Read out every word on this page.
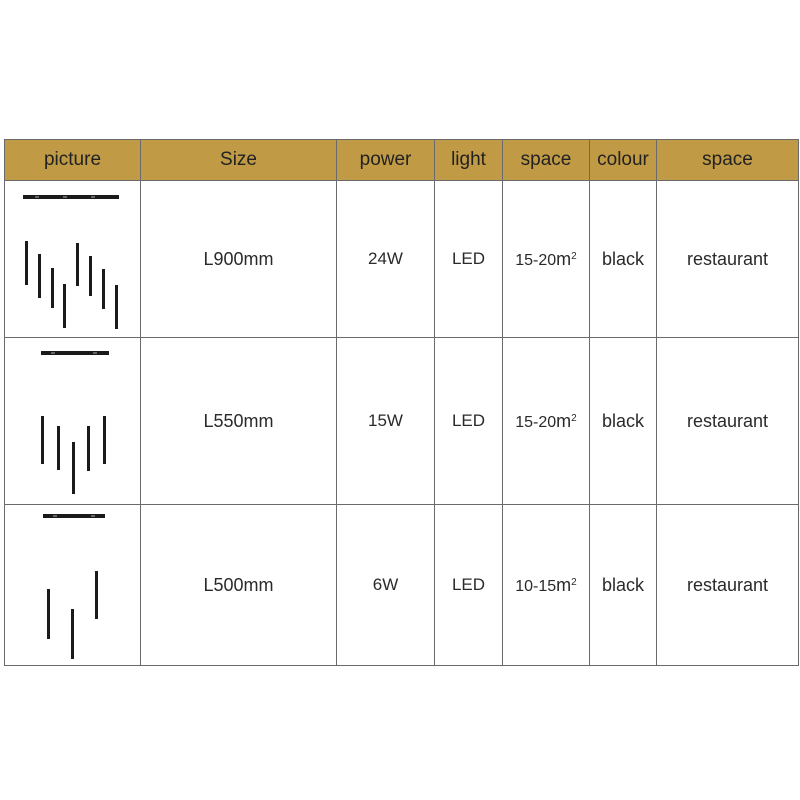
picture	Size	power	light	space	colour	space

	L900mm	24W	LED	$15-20m^2$	black	restaurant

	L550mm	15W	LED	$15-20m^2$	black	restaurant

	L500mm	6W	LED	$10-15m^2$	black	restaurant
